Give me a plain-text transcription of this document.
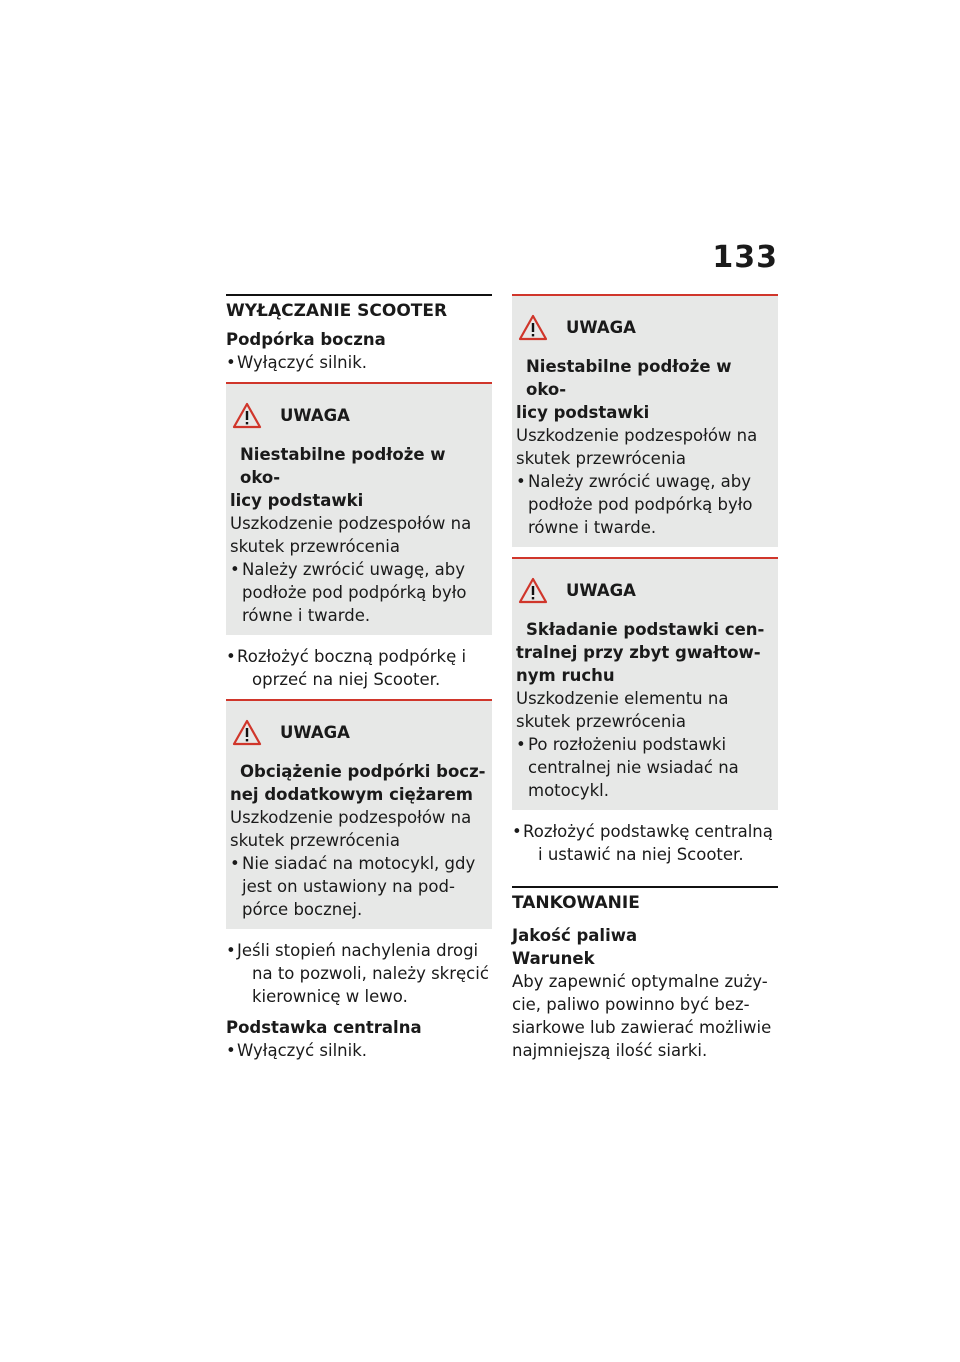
133
WYŁĄCZANIE SCOOTER
Podpórka boczna
• Wyłączyć silnik.
UWAGA
Niestabilne podłoże w oko-
licy podstawki

Uszkodzenie podzespołów na
skutek przewrócenia

• Należy zwrócić uwagę, aby
podłoże pod podpórką było
równe i twarde.
• Rozłożyć boczną podpórkę i
oprzeć na niej Scooter.
UWAGA
Obciążenie podpórki bocz-
nej dodatkowym ciężarem

Uszkodzenie podzespołów na
skutek przewrócenia

• Nie siadać na motocykl, gdy
jest on ustawiony na pod-
pórce bocznej.
• Jeśli stopień nachylenia drogi
na to pozwoli, należy skręcić
kierownicę w lewo.
Podstawka centralna
• Wyłączyć silnik.
UWAGA
Niestabilne podłoże w oko-
licy podstawki

Uszkodzenie podzespołów na
skutek przewrócenia

• Należy zwrócić uwagę, aby
podłoże pod podpórką było
równe i twarde.
UWAGA
Składanie podstawki cen-
tralnej przy zbyt gwałtow-
nym ruchu

Uszkodzenie elementu na
skutek przewrócenia

• Po rozłożeniu podstawki
centralnej nie wsiadać na
motocykl.
• Rozłożyć podstawkę centralną
i ustawić na niej Scooter.
TANKOWANIE
Jakość paliwa
Warunek

Aby zapewnić optymalne zuży-
cie, paliwo powinno być bez-
siarkowe lub zawierać możliwie
najmniejszą ilość siarki.
